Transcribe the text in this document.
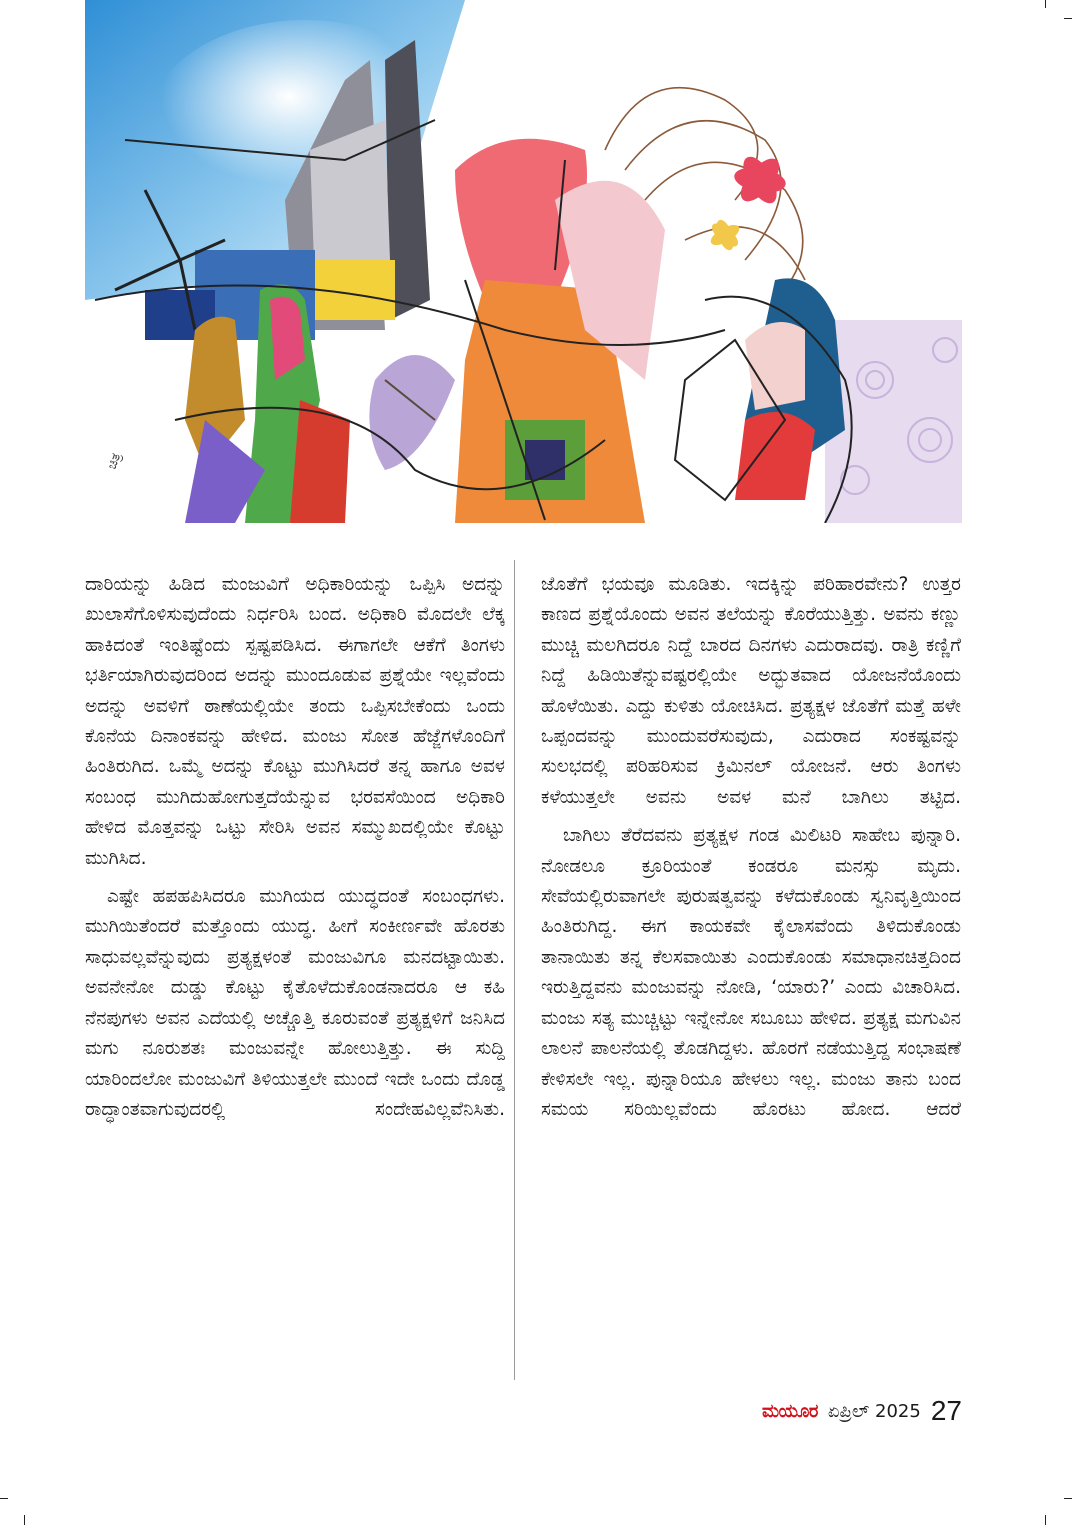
ಚಿತ್ರ

ದಾರಿಯನ್ನು ಹಿಡಿದ ಮಂಜುವಿಗೆ ಅಧಿಕಾರಿಯನ್ನು ಒಪ್ಪಿಸಿ ಅದನ್ನು ಖುಲಾಸೆಗೊಳಿಸುವುದೆಂದು ನಿರ್ಧರಿಸಿ ಬಂದ. ಅಧಿಕಾರಿ ಮೊದಲೇ ಲೆಕ್ಕ ಹಾಕಿದಂತೆ ಇಂತಿಷ್ಟೆಂದು ಸ್ಪಷ್ಟಪಡಿಸಿದ. ಈಗಾಗಲೇ ಆಕೆಗೆ ತಿಂಗಳು ಭರ್ತಿಯಾಗಿರುವುದರಿಂದ ಅದನ್ನು ಮುಂದೂಡುವ ಪ್ರಶ್ನೆಯೇ ಇಲ್ಲವೆಂದು ಅದನ್ನು ಅವಳಿಗೆ ಠಾಣೆಯಲ್ಲಿಯೇ ತಂದು ಒಪ್ಪಿಸಬೇಕೆಂದು ಒಂದು ಕೊನೆಯ ದಿನಾಂಕವನ್ನು ಹೇಳಿದ. ಮಂಜು ಸೋತ ಹೆಜ್ಜೆಗಳೊಂದಿಗೆ ಹಿಂತಿರುಗಿದ. ಒಮ್ಮೆ ಅದನ್ನು ಕೊಟ್ಟು ಮುಗಿಸಿದರೆ ತನ್ನ ಹಾಗೂ ಅವಳ ಸಂಬಂಧ ಮುಗಿದುಹೋಗುತ್ತದೆಯೆನ್ನುವ ಭರವಸೆಯಿಂದ ಅಧಿಕಾರಿ ಹೇಳಿದ ಮೊತ್ತವನ್ನು ಒಟ್ಟು ಸೇರಿಸಿ ಅವನ ಸಮ್ಮುಖದಲ್ಲಿಯೇ ಕೊಟ್ಟು ಮುಗಿಸಿದ.

ಎಷ್ಟೇ ಹಪಹಪಿಸಿದರೂ ಮುಗಿಯದ ಯುದ್ಧದಂತೆ ಸಂಬಂಧಗಳು. ಮುಗಿಯಿತೆಂದರೆ ಮತ್ತೊಂದು ಯುದ್ಧ. ಹೀಗೆ ಸಂಕೀರ್ಣವೇ ಹೊರತು ಸಾಧುವಲ್ಲವೆನ್ನುವುದು ಪ್ರತ್ಯಕ್ಷಳಂತೆ ಮಂಜುವಿಗೂ ಮನದಟ್ಟಾಯಿತು. ಅವನೇನೋ ದುಡ್ಡು ಕೊಟ್ಟು ಕೈತೊಳೆದುಕೊಂಡನಾದರೂ ಆ ಕಹಿ ನೆನಪುಗಳು ಅವನ ಎದೆಯಲ್ಲಿ ಅಚ್ಚೊತ್ತಿ ಕೂರುವಂತೆ ಪ್ರತ್ಯಕ್ಷಳಿಗೆ ಜನಿಸಿದ ಮಗು ನೂರುಶತಃ ಮಂಜುವನ್ನೇ ಹೋಲುತ್ತಿತ್ತು. ಈ ಸುದ್ದಿ ಯಾರಿಂದಲೋ ಮಂಜುವಿಗೆ ತಿಳಿಯುತ್ತಲೇ ಮುಂದೆ ಇದೇ ಒಂದು ದೊಡ್ಡ ರಾದ್ಧಾಂತವಾಗುವುದರಲ್ಲಿ ಸಂದೇಹವಿಲ್ಲವೆನಿಸಿತು.

ಜೊತೆಗೆ ಭಯವೂ ಮೂಡಿತು. ಇದಕ್ಕಿನ್ನು ಪರಿಹಾರವೇನು? ಉತ್ತರ ಕಾಣದ ಪ್ರಶ್ನೆಯೊಂದು ಅವನ ತಲೆಯನ್ನು ಕೊರೆಯುತ್ತಿತ್ತು. ಅವನು ಕಣ್ಣು ಮುಚ್ಚಿ ಮಲಗಿದರೂ ನಿದ್ದೆ ಬಾರದ ದಿನಗಳು ಎದುರಾದವು. ರಾತ್ರಿ ಕಣ್ಣಿಗೆ ನಿದ್ದೆ ಹಿಡಿಯಿತೆನ್ನುವಷ್ಟರಲ್ಲಿಯೇ ಅದ್ಭುತವಾದ ಯೋಜನೆಯೊಂದು ಹೊಳೆಯಿತು. ಎದ್ದು ಕುಳಿತು ಯೋಚಿಸಿದ. ಪ್ರತ್ಯಕ್ಷಳ ಜೊತೆಗೆ ಮತ್ತೆ ಹಳೇ ಒಪ್ಪಂದವನ್ನು ಮುಂದುವರೆಸುವುದು, ಎದುರಾದ ಸಂಕಷ್ಟವನ್ನು ಸುಲಭದಲ್ಲಿ ಪರಿಹರಿಸುವ ಕ್ರಿಮಿನಲ್ ಯೋಜನೆ. ಆರು ತಿಂಗಳು ಕಳೆಯುತ್ತಲೇ ಅವನು ಅವಳ ಮನೆ ಬಾಗಿಲು ತಟ್ಟಿದ.

ಬಾಗಿಲು ತೆರೆದವನು ಪ್ರತ್ಯಕ್ಷಳ ಗಂಡ ಮಿಲಿಟರಿ ಸಾಹೇಬ ಪುನ್ನಾರಿ. ನೋಡಲೂ ಕ್ರೂರಿಯಂತೆ ಕಂಡರೂ ಮನಸ್ಸು ಮೃದು. ಸೇವೆಯಲ್ಲಿರುವಾಗಲೇ ಪುರುಷತ್ವವನ್ನು ಕಳೆದುಕೊಂಡು ಸ್ವನಿವೃತ್ತಿಯಿಂದ ಹಿಂತಿರುಗಿದ್ದ. ಈಗ ಕಾಯಕವೇ ಕೈಲಾಸವೆಂದು ತಿಳಿದುಕೊಂಡು ತಾನಾಯಿತು ತನ್ನ ಕೆಲಸವಾಯಿತು ಎಂದುಕೊಂಡು ಸಮಾಧಾನಚಿತ್ತದಿಂದ ಇರುತ್ತಿದ್ದವನು ಮಂಜುವನ್ನು ನೋಡಿ, ‘ಯಾರು?’ ಎಂದು ವಿಚಾರಿಸಿದ. ಮಂಜು ಸತ್ಯ ಮುಚ್ಚಿಟ್ಟು ಇನ್ನೇನೋ ಸಬೂಬು ಹೇಳಿದ. ಪ್ರತ್ಯಕ್ಷ ಮಗುವಿನ ಲಾಲನೆ ಪಾಲನೆಯಲ್ಲಿ ತೊಡಗಿದ್ದಳು. ಹೊರಗೆ ನಡೆಯುತ್ತಿದ್ದ ಸಂಭಾಷಣೆ ಕೇಳಿಸಲೇ ಇಲ್ಲ. ಪುನ್ನಾರಿಯೂ ಹೇಳಲು ಇಲ್ಲ. ಮಂಜು ತಾನು ಬಂದ ಸಮಯ ಸರಿಯಿಲ್ಲವೆಂದು ಹೊರಟು ಹೋದ. ಆದರೆ

ಮಯೂರ ಏಪ್ರಿಲ್ 2025 27
